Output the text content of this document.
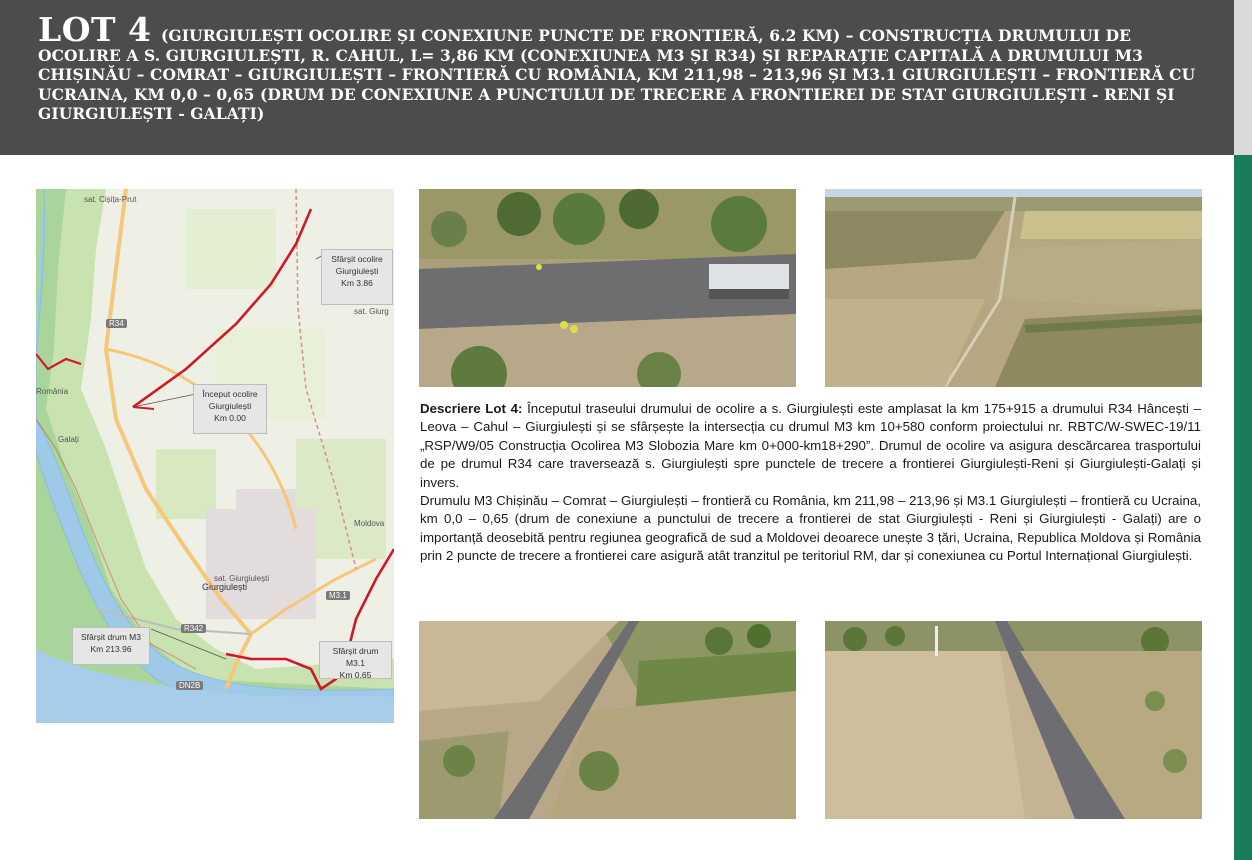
LOT 4 (GIURGIULEȘTI OCOLIRE ȘI CONEXIUNE PUNCTE DE FRONTIERĂ, 6.2 KM) – CONSTRUCȚIA DRUMULUI DE OCOLIRE A S. GIURGIULEȘTI, R. CAHUL, L= 3,86 KM (CONEXIUNEA M3 ȘI R34) ȘI REPARAȚIE CAPITALĂ A DRUMULUI M3 CHIȘINĂU – COMRAT – GIURGIULEȘTI – FRONTIERĂ CU ROMÂNIA, KM 211,98 – 213,96 ȘI M3.1 GIURGIULEȘTI – FRONTIERĂ CU UCRAINA, KM 0,0 – 0,65 (DRUM DE CONEXIUNE A PUNCTULUI DE TRECERE A FRONTIEREI DE STAT GIURGIULEȘTI - RENI ȘI GIURGIULEȘTI - GALAȚI)
Sfârșit ocolire
Giurgiulești
Km 3.86
Început ocolire
Giurgiulești
Km 0.00
Sfârșit drum M3
Km 213.96	Sfârșit drum M3.1
Km 0.65
sat. Cișița-Prut
sat. Giurg
sat. Giurgiulești
Giurgiulești
Galați
România
Moldova
R34
R342
M3.1
DN2B

Descriere Lot 4: Începutul traseului drumului de ocolire a s. Giurgiulești este amplasat la km 175+915 a drumului R34 Hâncești – Leova – Cahul – Giurgiulești și se sfârșește la intersecția cu drumul M3 km 10+580 conform proiectului nr. RBTC/W-SWEC-19/11 „RSP/W9/05 Construcția Ocolirea M3 Slobozia Mare km 0+000-km18+290”. Drumul de ocolire va asigura descărcarea trasportului de pe drumul R34 care traversează s. Giurgiulești spre punctele de trecere a frontierei Giurgiulești-Reni și Giurgiulești-Galați și invers.

Drumulu M3 Chișinău – Comrat – Giurgiulești – frontieră cu România, km 211,98 – 213,96 și M3.1 Giurgiulești – frontieră cu Ucraina, km 0,0 – 0,65 (drum de conexiune a punctului de trecere a frontierei de stat Giurgiulești - Reni și Giurgiulești - Galați) are o importanță deosebită pentru regiunea geografică de sud a Moldovei deoarece unește 3 țări, Ucraina, Republica Moldova și România prin 2 puncte de trecere a frontierei care asigură atât tranzitul pe teritoriul RM, dar și conexiunea cu Portul Internațional Giurgiulești.
